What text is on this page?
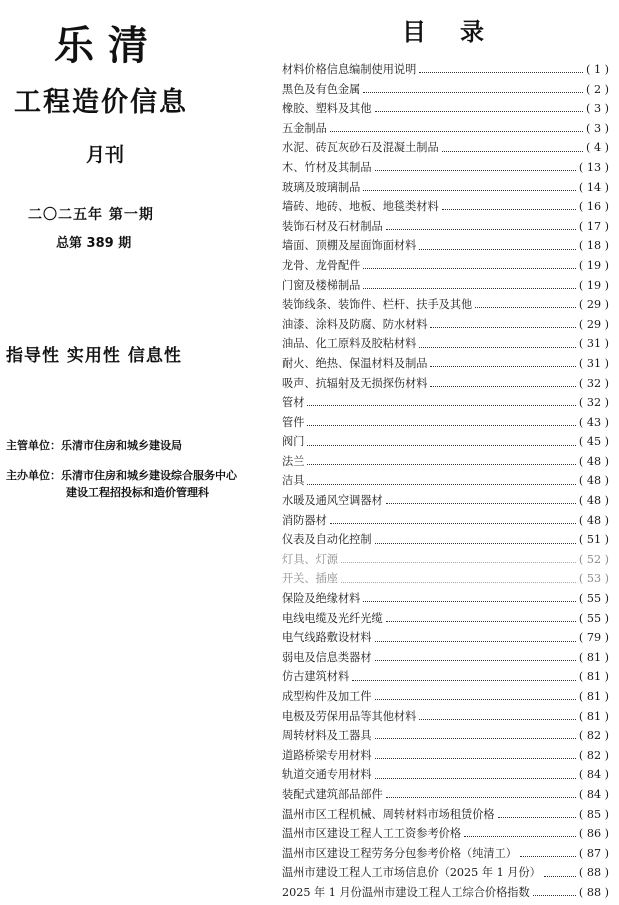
乐清
工程造价信息
月刊
二〇二五年 第一期
总第 389 期
指导性 实用性 信息性
主管单位：乐清市住房和城乡建设局
主办单位：乐清市住房和城乡建设综合服务中心
建设工程招投标和造价管理科
目录
材料价格信息编制使用说明	( 1 )
黑色及有色金属	( 2 )
橡胶、塑料及其他	( 3 )
五金制品	( 3 )
水泥、砖瓦灰砂石及混凝土制品	( 4 )
木、竹材及其制品	( 13 )
玻璃及玻璃制品	( 14 )
墙砖、地砖、地板、地毯类材料	( 16 )
装饰石材及石材制品	( 17 )
墙面、顶棚及屋面饰面材料	( 18 )
龙骨、龙骨配件	( 19 )
门窗及楼梯制品	( 19 )
装饰线条、装饰件、栏杆、扶手及其他	( 29 )
油漆、涂料及防腐、防水材料	( 29 )
油品、化工原料及胶粘材料	( 31 )
耐火、绝热、保温材料及制品	( 31 )
吸声、抗辐射及无损探伤材料	( 32 )
管材	( 32 )
管件	( 43 )
阀门	( 45 )
法兰	( 48 )
洁具	( 48 )
水暖及通风空调器材	( 48 )
消防器材	( 48 )
仪表及自动化控制	( 51 )
灯具、灯源	( 52 )
开关、插座	( 53 )
保险及绝缘材料	( 55 )
电线电缆及光纤光缆	( 55 )
电气线路敷设材料	( 79 )
弱电及信息类器材	( 81 )
仿古建筑材料	( 81 )
成型构件及加工件	( 81 )
电极及劳保用品等其他材料	( 81 )
周转材料及工器具	( 82 )
道路桥梁专用材料	( 82 )
轨道交通专用材料	( 84 )
装配式建筑部品部件	( 84 )
温州市区工程机械、周转材料市场租赁价格	( 85 )
温州市区建设工程人工工资参考价格	( 86 )
温州市区建设工程劳务分包参考价格（纯清工）	( 87 )
温州市建设工程人工市场信息价（2025 年 1 月份）	( 88 )
2025 年 1 月份温州市建设工程人工综合价格指数	( 88 )
